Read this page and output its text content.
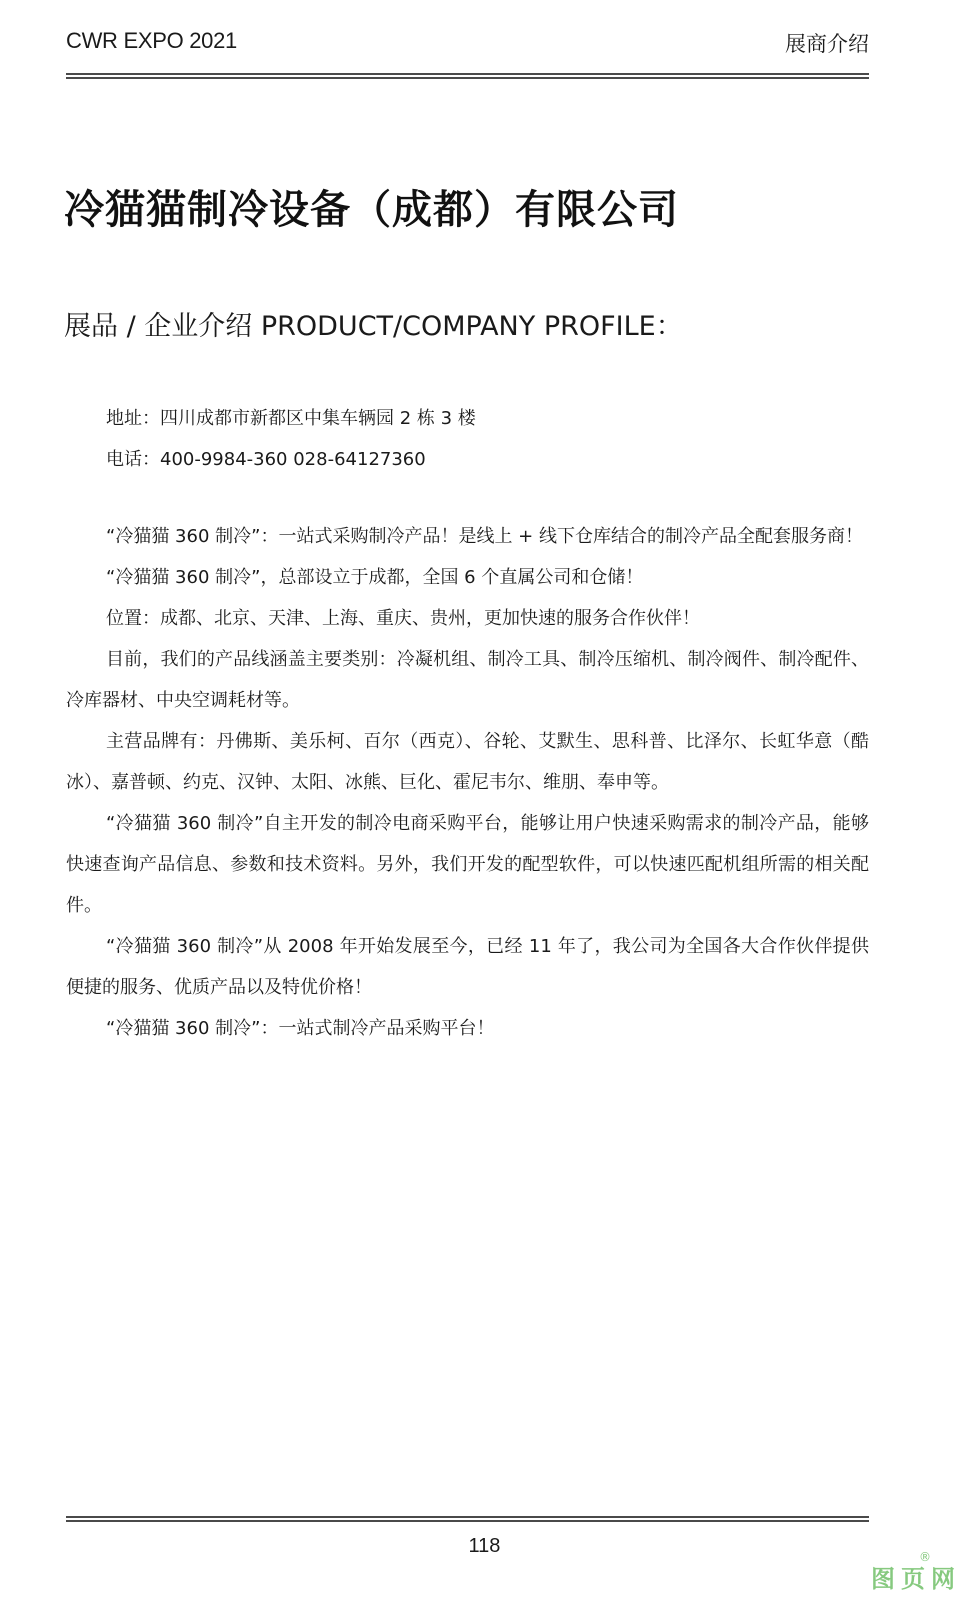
CWR EXPO 2021	展商介绍
冷猫猫制冷设备（成都）有限公司
展品 / 企业介绍 PRODUCT/COMPANY PROFILE：
地址：四川成都市新都区中集车辆园 2 栋 3 楼
电话：400-9984-360 028-64127360

“冷猫猫 360 制冷”：一站式采购制冷产品！是线上 + 线下仓库结合的制冷产品全配套服务商！

“冷猫猫 360 制冷”，总部设立于成都，全国 6 个直属公司和仓储！

位置：成都、北京、天津、上海、重庆、贵州，更加快速的服务合作伙伴！

目前，我们的产品线涵盖主要类别：冷凝机组、制冷工具、制冷压缩机、制冷阀件、制冷配件、冷库器材、中央空调耗材等。

主营品牌有：丹佛斯、美乐柯、百尔（西克）、谷轮、艾默生、思科普、比泽尔、长虹华意（酷冰）、嘉普顿、约克、汉钟、太阳、冰熊、巨化、霍尼韦尔、维朋、奉申等。

“冷猫猫 360 制冷”自主开发的制冷电商采购平台，能够让用户快速采购需求的制冷产品，能够快速查询产品信息、参数和技术资料。另外，我们开发的配型软件，可以快速匹配机组所需的相关配件。

“冷猫猫 360 制冷”从 2008 年开始发展至今，已经 11 年了，我公司为全国各大合作伙伴提供便捷的服务、优质产品以及特优价格！

“冷猫猫 360 制冷”：一站式制冷产品采购平台！

118	®
图页网
